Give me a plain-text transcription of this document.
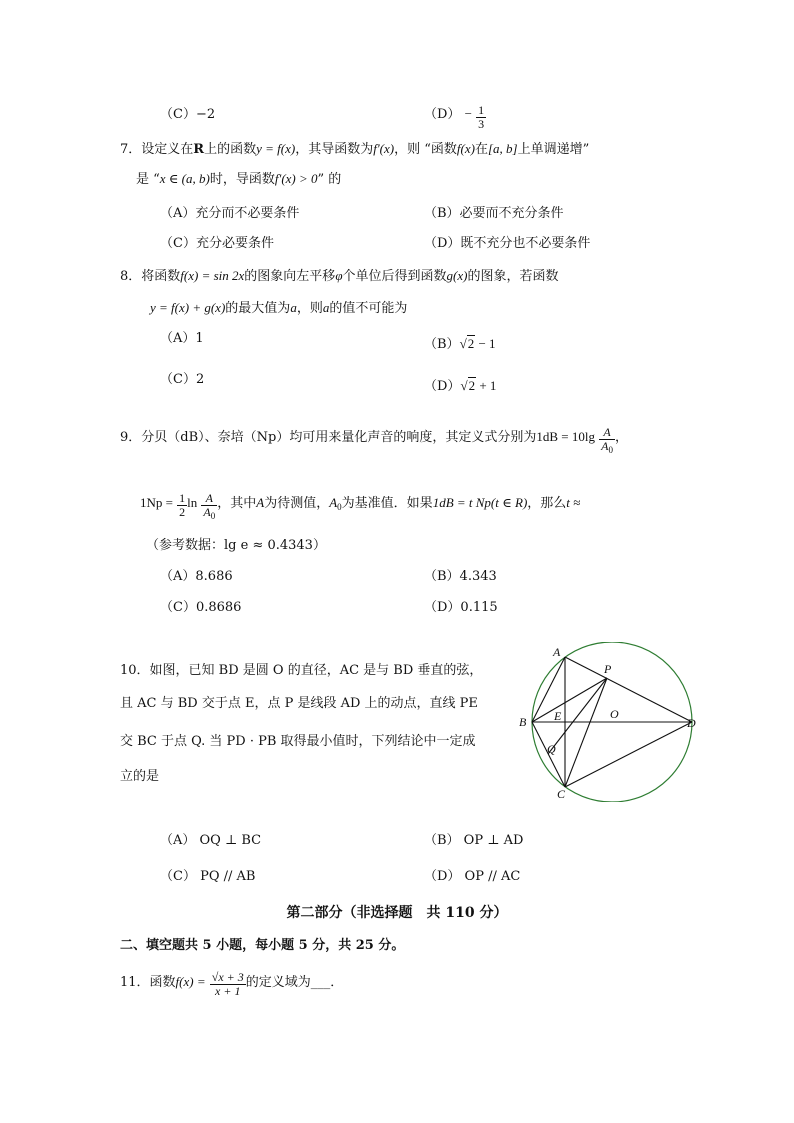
（C）−2	$(D) - \frac{1}{3}$
7．设定义在R上的函数y = f(x)，其导函数为f′(x)，则 “函数f(x)在[a, b]上单调递增”
是 “x ∈ (a, b)时，导函数f′(x) > 0” 的
（A）充分而不必要条件	（B）必要而不充分条件
（C）充分必要条件	（D）既不充分也不必要条件
8．将函数f(x) = sin 2x的图象向左平移φ个单位后得到函数g(x)的图象，若函数
y = f(x) + g(x)的最大值为a，则a的值不可能为
（A）1	（B）√2 − 1
（C）2	（D）√2 + 1
9．分贝（dB）、奈培（Np）均可用来量化声音的响度，其定义式分别为$1dB = 10\lg \frac{A}{A_0}$ ，
$1Np = \frac{1}{2}$ $\ln \frac{A}{A_0}$ ，其中A为待测值，$A_0$为基准值．如果1dB = t Np(t ∈ R)，那么t ≈
（参考数据：lg e ≈ 0.4343）
（A）8.686	（B）4.343
（C）0.8686	（D）0.115
10．如图，已知 BD 是圆 O 的直径，AC 是与 BD 垂直的弦，
且 AC 与 BD 交于点 E，点 P 是线段 AD 上的动点，直线 PE
交 BC 于点 Q. 当 PD · PB 取得最小值时，下列结论中一定成
立的是
A
P
B E	O
D
Q
C
（A） OQ ⊥ BC	（B） OP ⊥ AD
（C） PQ // AB	（D） OP // AC
第二部分（非选择题　共 110 分）
二、填空题共 5 小题，每小题 5 分，共 25 分。
11．函数$f(x) = \frac{√x + 3}{x + 1}$ 的定义域为___．
